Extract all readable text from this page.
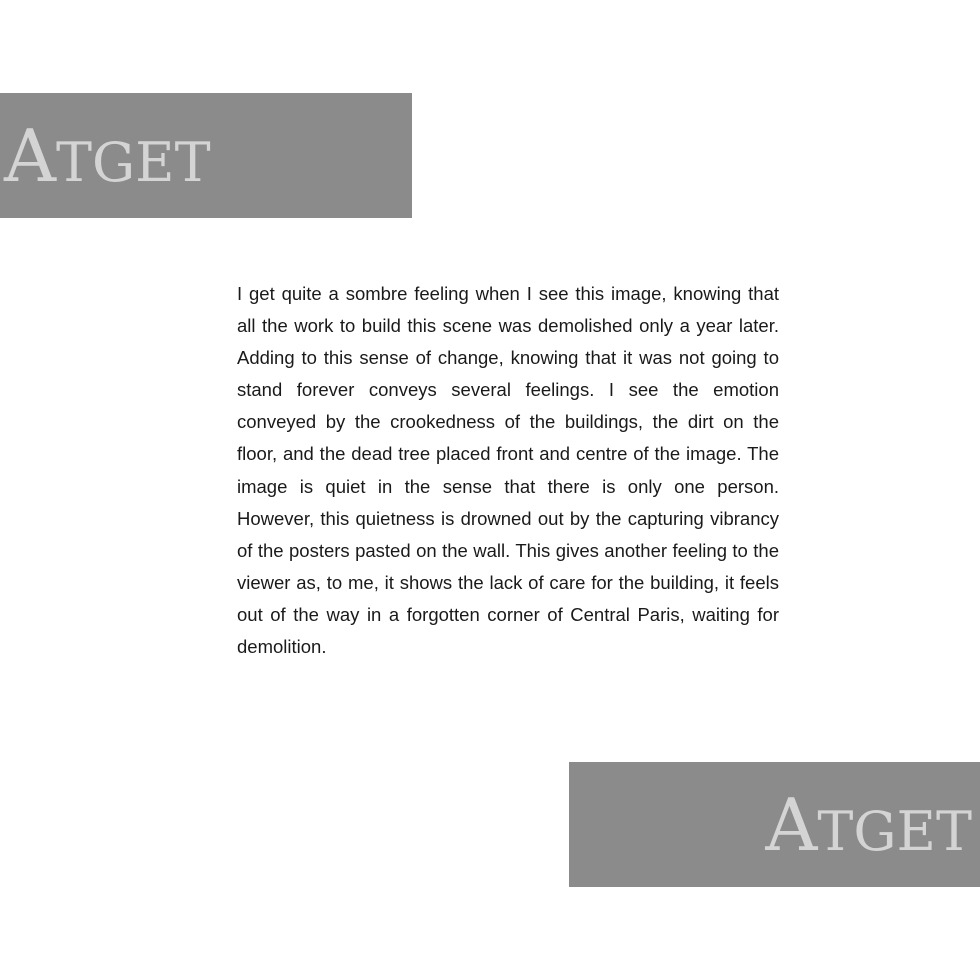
ATGET

I get quite a sombre feeling when I see this image, knowing that all the work to build this scene was demolished only a year later. Adding to this sense of change, knowing that it was not going to stand forever conveys several feelings. I see the emotion conveyed by the crookedness of the buildings, the dirt on the floor, and the dead tree placed front and centre of the image. The image is quiet in the sense that there is only one person. However, this quietness is drowned out by the capturing vibrancy of the posters pasted on the wall. This gives another feeling to the viewer as, to me, it shows the lack of care for the building, it feels out of the way in a forgotten corner of Central Paris, waiting for demolition.

ATGET
